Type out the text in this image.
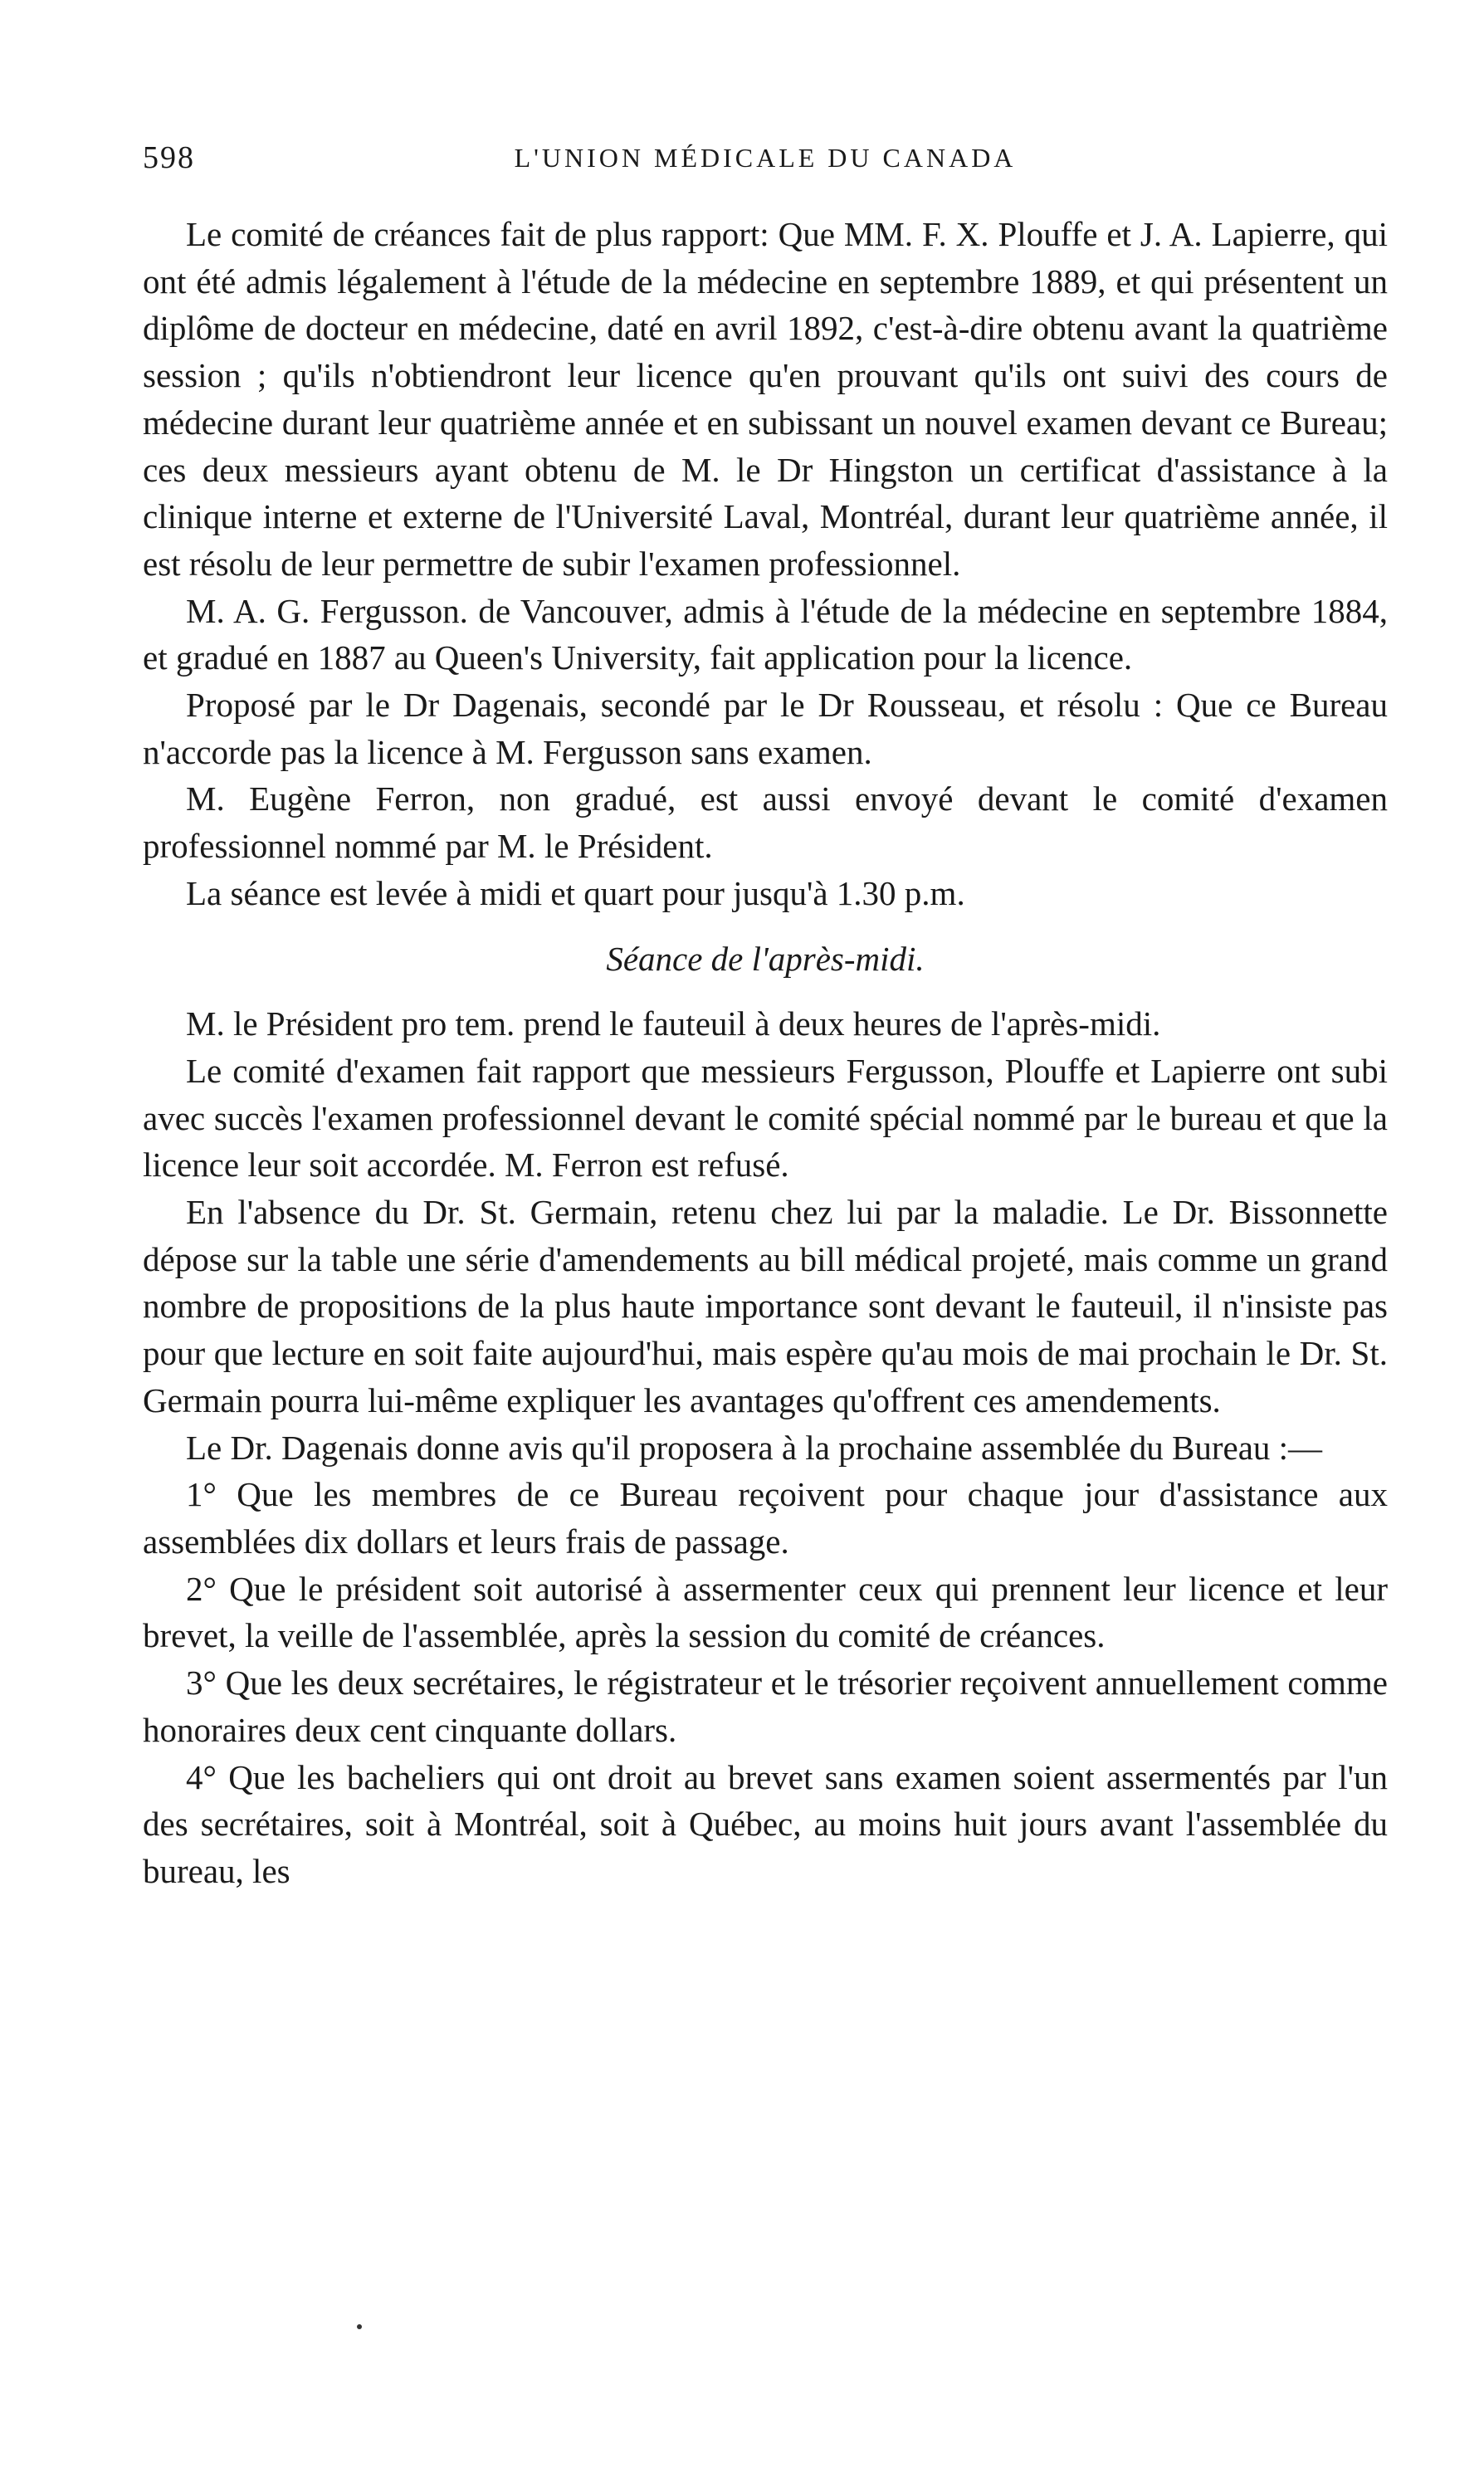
598	L'UNION MÉDICALE DU CANADA

Le comité de créances fait de plus rapport: Que MM. F. X. Plouffe et J. A. Lapierre, qui ont été admis légalement à l'étude de la médecine en septembre 1889, et qui présentent un diplôme de docteur en médecine, daté en avril 1892, c'est-à-dire obtenu avant la quatrième session ; qu'ils n'obtiendront leur licence qu'en prouvant qu'ils ont suivi des cours de médecine durant leur quatrième année et en subissant un nouvel examen devant ce Bureau; ces deux messieurs ayant obtenu de M. le Dr Hingston un certificat d'assistance à la clinique interne et externe de l'Université Laval, Montréal, durant leur quatrième année, il est résolu de leur permettre de subir l'examen professionnel.

M. A. G. Fergusson. de Vancouver, admis à l'étude de la médecine en septembre 1884, et gradué en 1887 au Queen's University, fait application pour la licence.

Proposé par le Dr Dagenais, secondé par le Dr Rousseau, et résolu : Que ce Bureau n'accorde pas la licence à M. Fergusson sans examen.

M. Eugène Ferron, non gradué, est aussi envoyé devant le comité d'examen professionnel nommé par M. le Président.

La séance est levée à midi et quart pour jusqu'à 1.30 p.m.

Séance de l'après-midi.

M. le Président pro tem. prend le fauteuil à deux heures de l'après-midi.

Le comité d'examen fait rapport que messieurs Fergusson, Plouffe et Lapierre ont subi avec succès l'examen professionnel devant le comité spécial nommé par le bureau et que la licence leur soit accordée. M. Ferron est refusé.

En l'absence du Dr. St. Germain, retenu chez lui par la maladie. Le Dr. Bissonnette dépose sur la table une série d'amendements au bill médical projeté, mais comme un grand nombre de propositions de la plus haute importance sont devant le fauteuil, il n'insiste pas pour que lecture en soit faite aujourd'hui, mais espère qu'au mois de mai prochain le Dr. St. Germain pourra lui-même expliquer les avantages qu'offrent ces amendements.

Le Dr. Dagenais donne avis qu'il proposera à la prochaine assemblée du Bureau :—

1° Que les membres de ce Bureau reçoivent pour chaque jour d'assistance aux assemblées dix dollars et leurs frais de passage.

2° Que le président soit autorisé à assermenter ceux qui prennent leur licence et leur brevet, la veille de l'assemblée, après la session du comité de créances.

3° Que les deux secrétaires, le régistrateur et le trésorier reçoivent annuellement comme honoraires deux cent cinquante dollars.

4° Que les bacheliers qui ont droit au brevet sans examen soient assermentés par l'un des secrétaires, soit à Montréal, soit à Québec, au moins huit jours avant l'assemblée du bureau, les
